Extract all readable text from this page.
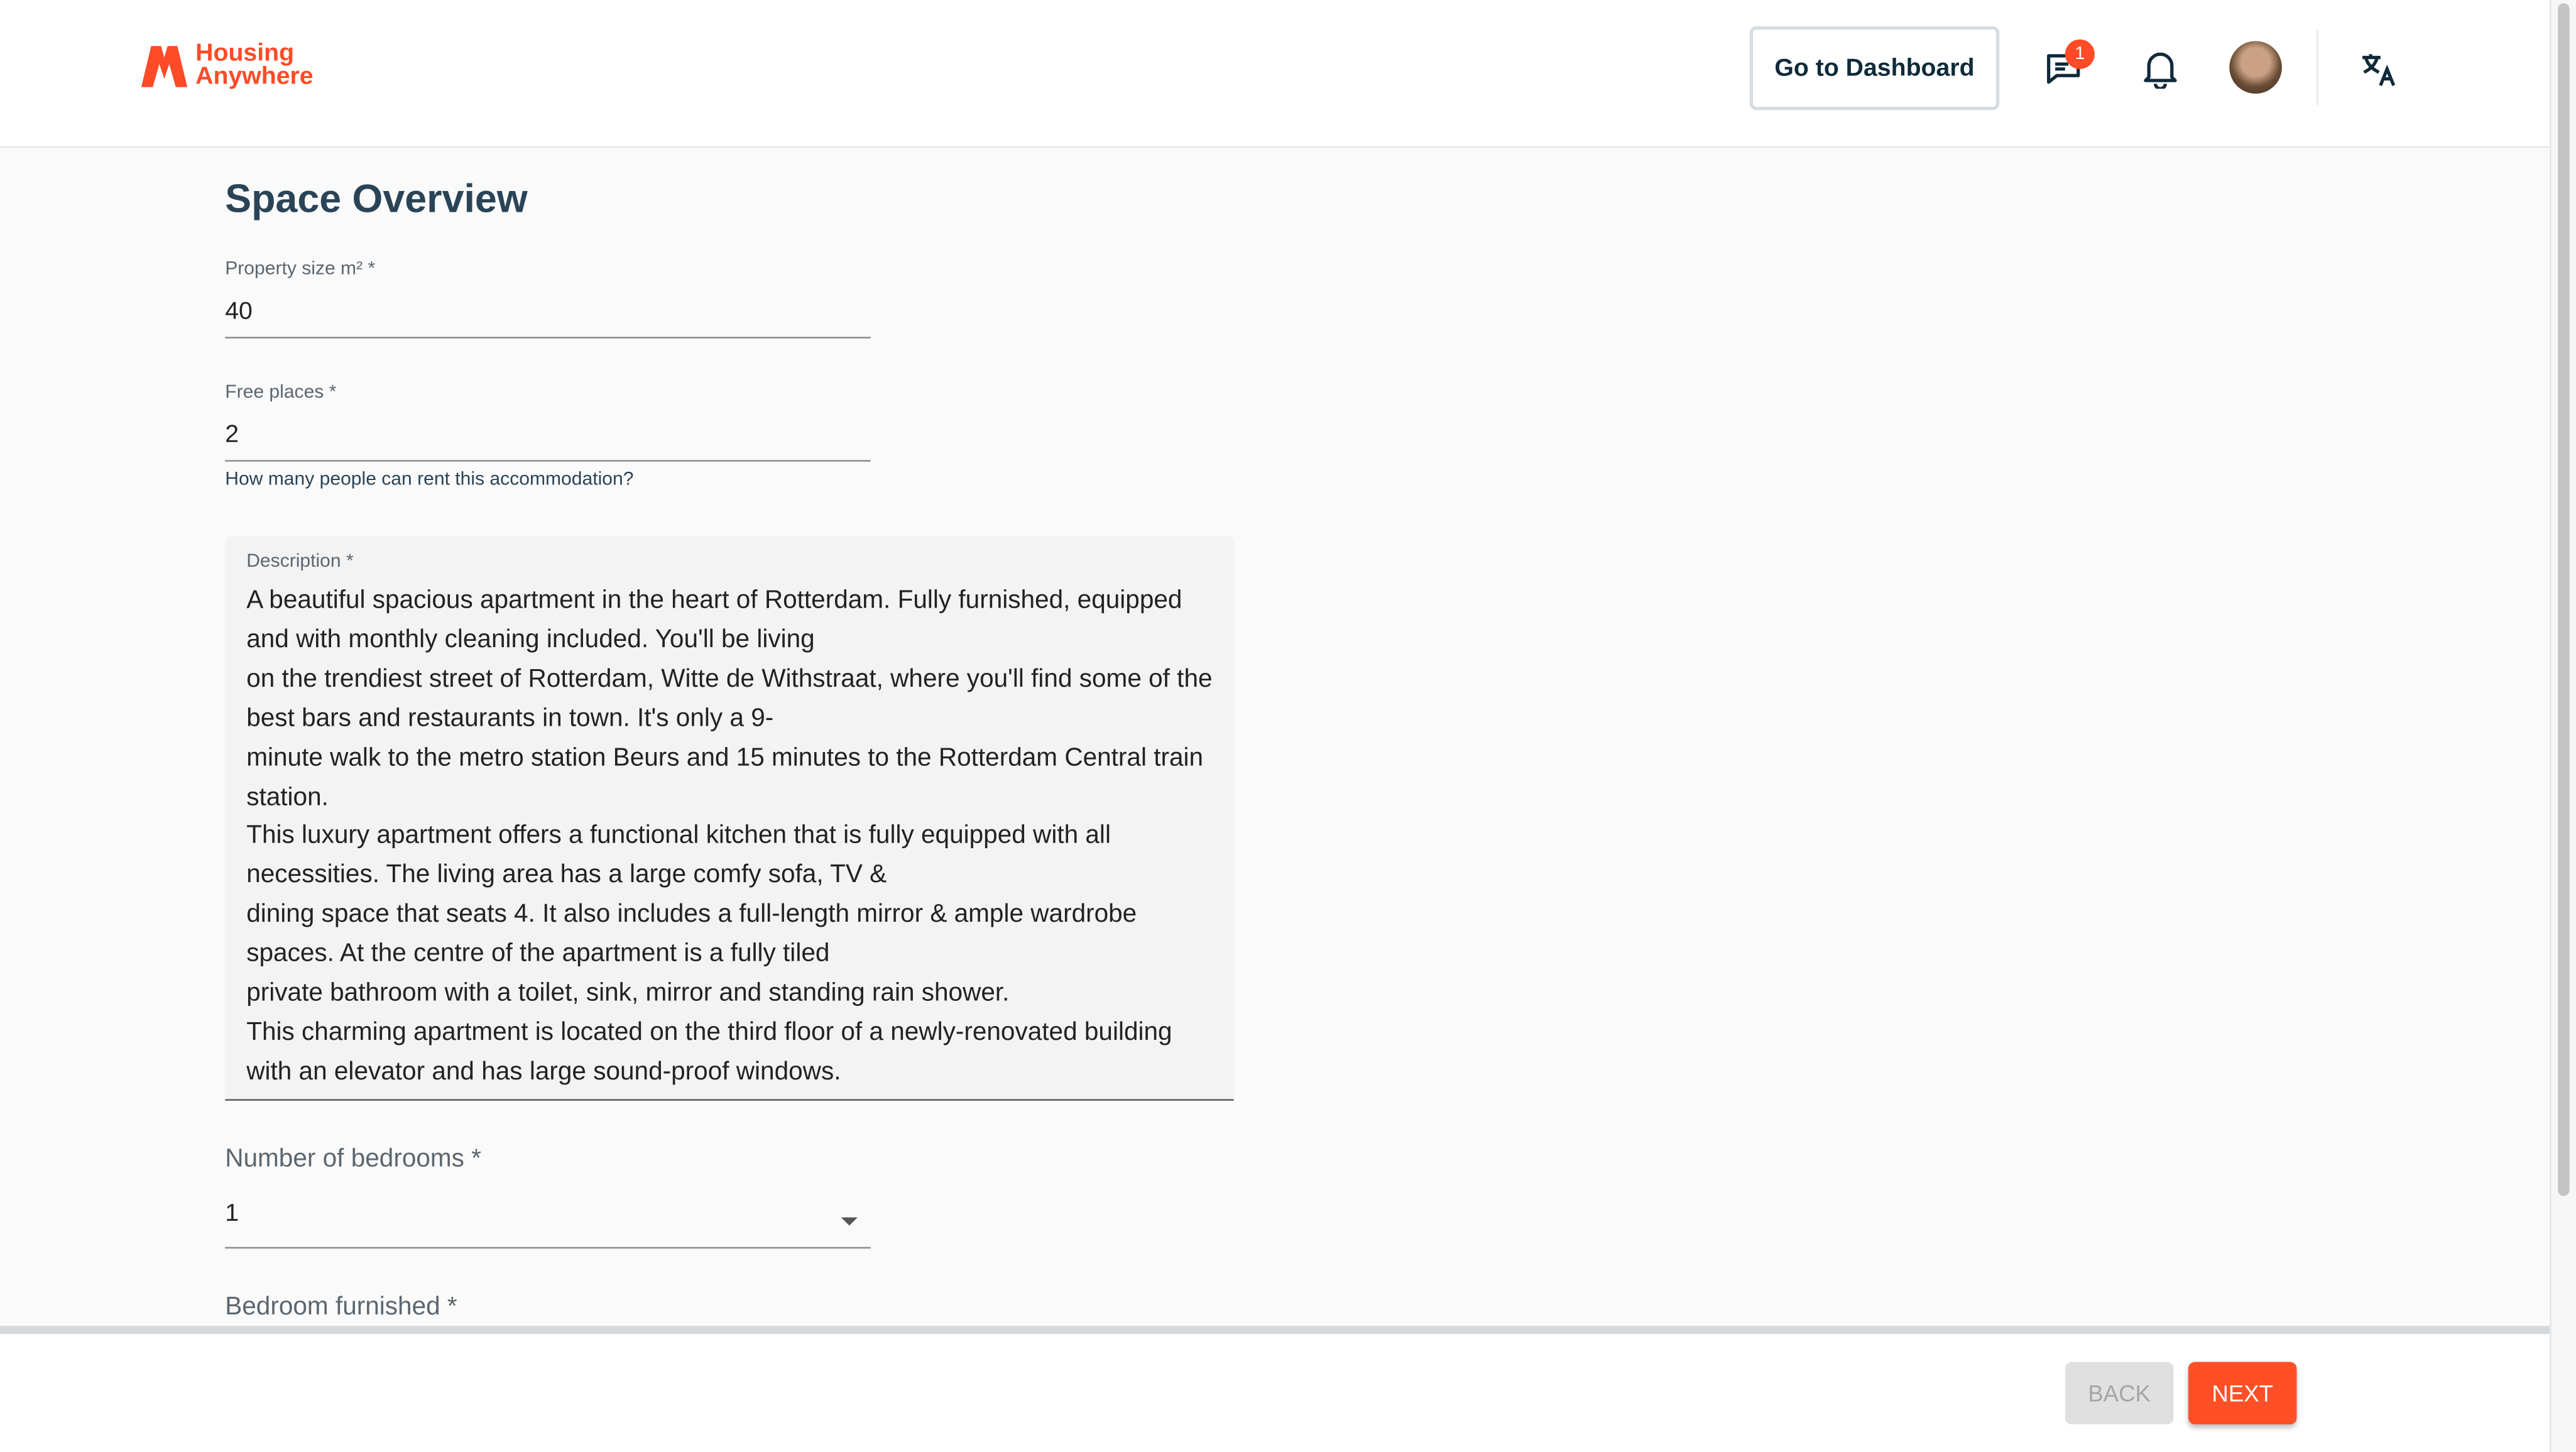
Housing
Anywhere	Go to Dashboard	1
Space Overview
Property size m² *
40
Free places *
2
How many people can rent this accommodation?
Description *
A beautiful spacious apartment in the heart of Rotterdam. Fully furnished, equipped and with monthly cleaning included. You'll be living
on the trendiest street of Rotterdam, Witte de Withstraat, where you'll find some of the best bars and restaurants in town. It's only a 9-
minute walk to the metro station Beurs and 15 minutes to the Rotterdam Central train station.
This luxury apartment offers a functional kitchen that is fully equipped with all necessities. The living area has a large comfy sofa, TV &
dining space that seats 4. It also includes a full-length mirror & ample wardrobe spaces. At the centre of the apartment is a fully tiled
private bathroom with a toilet, sink, mirror and standing rain shower.
This charming apartment is located on the third floor of a newly-renovated building with an elevator and has large sound-proof windows.
Number of bedrooms *
1
Bedroom furnished *
BACK	NEXT
